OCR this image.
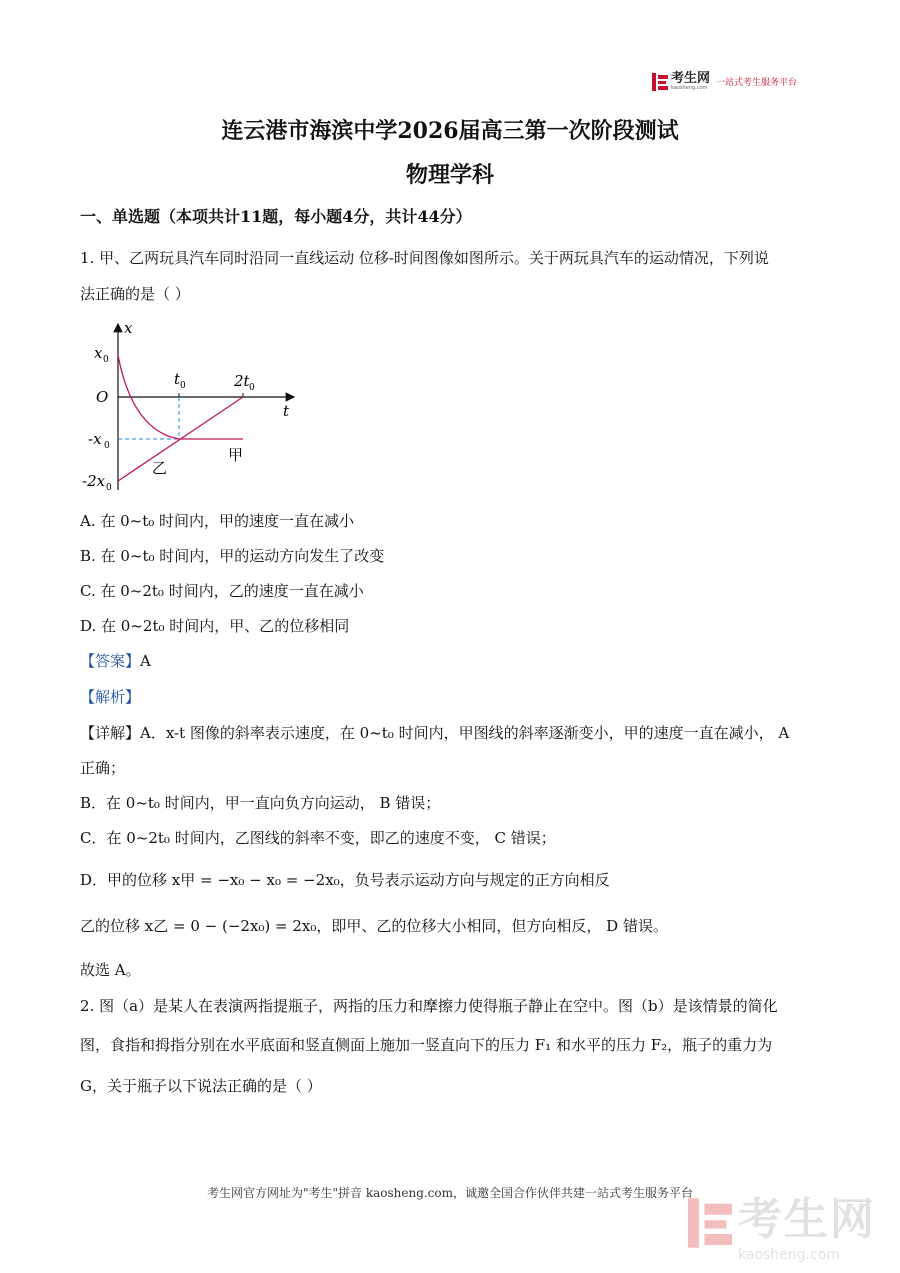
考生网
kaosheng.com 一站式考生服务平台
连云港市海滨中学2026届高三第一次阶段测试
物理学科
一、单选题（本项共计11题，每小题4分，共计44分）
1. 甲、乙两玩具汽车同时沿同一直线运动 位移-时间图像如图所示。关于两玩具汽车的运动情况，下列说
法正确的是（ ）
x
t
O
x 0
-x 0
-2x 0
t 0	2t 0
甲
乙
A. 在 0~t₀ 时间内，甲的速度一直在减小
B. 在 0~t₀ 时间内，甲的运动方向发生了改变
C. 在 0~2t₀ 时间内，乙的速度一直在减小
D. 在 0~2t₀ 时间内，甲、乙的位移相同
【答案】A
【解析】
【详解】A．x-t 图像的斜率表示速度，在 0~t₀ 时间内，甲图线的斜率逐渐变小，甲的速度一直在减小， A
正确；
B．在 0~t₀ 时间内，甲一直向负方向运动， B 错误；
C．在 0~2t₀ 时间内，乙图线的斜率不变，即乙的速度不变， C 错误；
D．甲的位移 x甲 = −x₀ − x₀ = −2x₀，负号表示运动方向与规定的正方向相反
乙的位移 x乙 = 0 − (−2x₀) = 2x₀，即甲、乙的位移大小相同，但方向相反， D 错误。
故选 A。
2. 图（a）是某人在表演两指提瓶子，两指的压力和摩擦力使得瓶子静止在空中。图（b）是该情景的简化
图，食指和拇指分别在水平底面和竖直侧面上施加一竖直向下的压力 F₁ 和水平的压力 F₂，瓶子的重力为
G，关于瓶子以下说法正确的是（ ）
考生网官方网址为"考生"拼音 kaosheng.com，诚邀全国合作伙伴共建一站式考生服务平台
考生网
kaosheng.com
